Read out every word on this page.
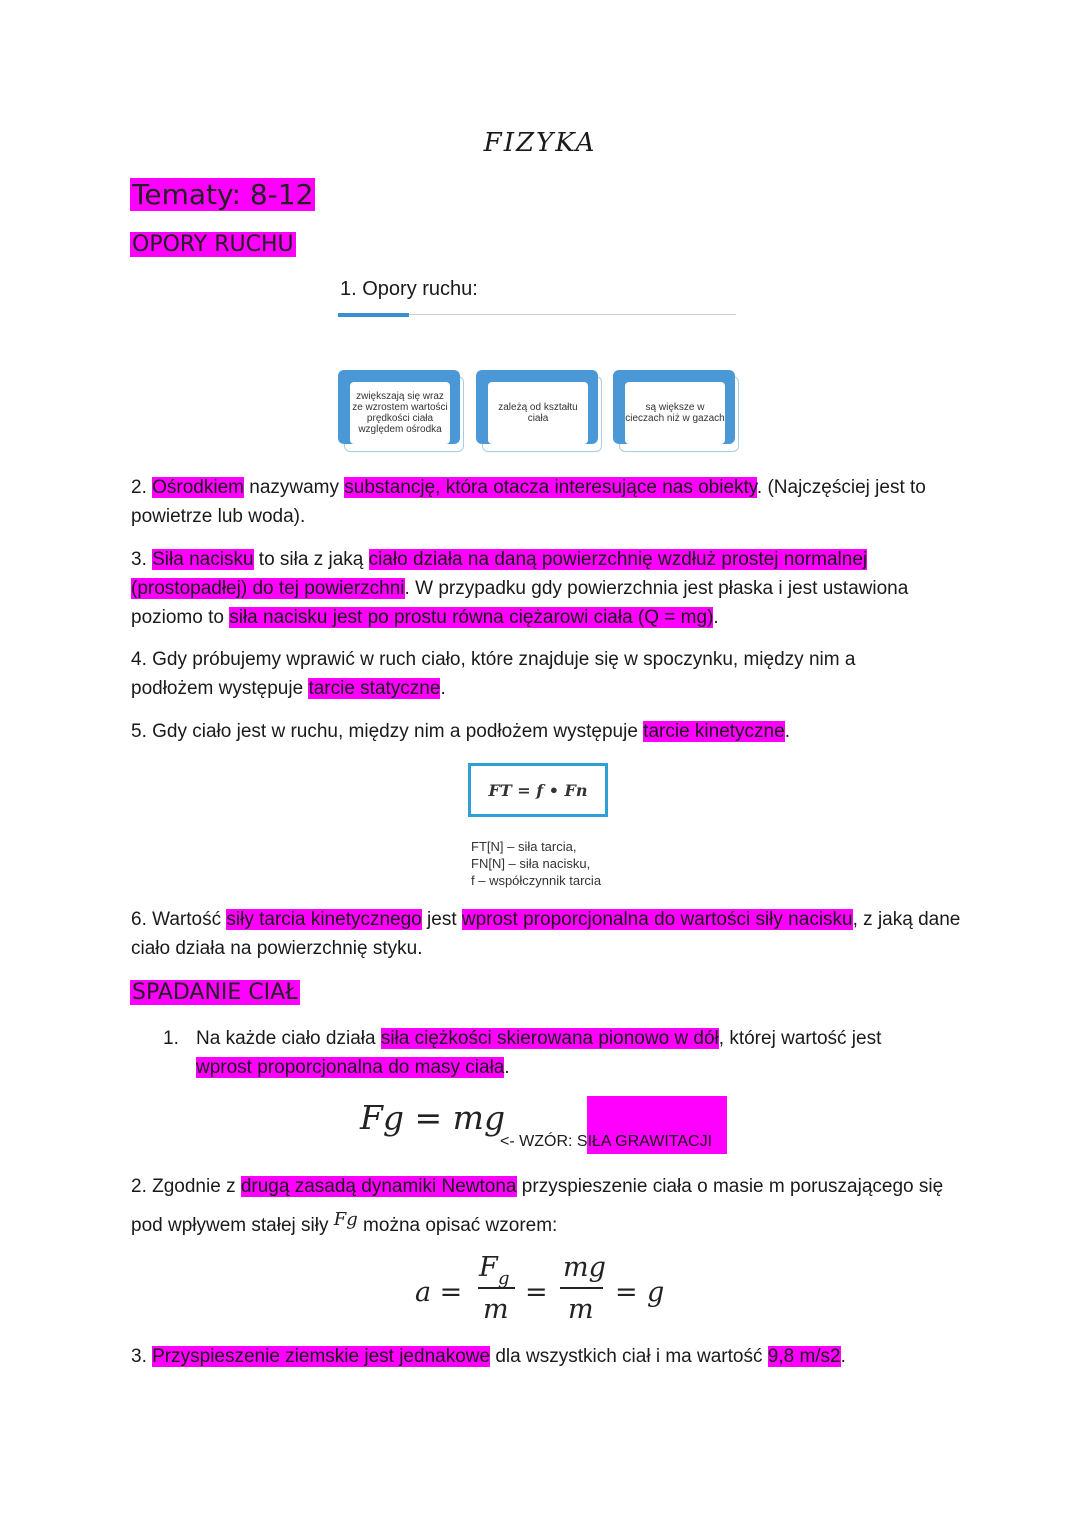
FIZYKA
Tematy: 8-12
OPORY RUCHU
1. Opory ruchu:
zwiększają się wraz ze wzrostem wartości prędkości ciała względem ośrodka
zależą od kształtu ciała
są większe w cieczach niż w gazach
2. Ośrodkiem nazywamy substancję, która otacza interesujące nas obiekty. (Najczęściej jest to powietrze lub woda).
3. Siła nacisku to siła z jaką ciało działa na daną powierzchnię wzdłuż prostej normalnej (prostopadłej) do tej powierzchni. W przypadku gdy powierzchnia jest płaska i jest ustawiona poziomo to siła nacisku jest po prostu równa ciężarowi ciała (Q = mg).
4. Gdy próbujemy wprawić w ruch ciało, które znajduje się w spoczynku, między nim a podłożem występuje tarcie statyczne.
5. Gdy ciało jest w ruchu, między nim a podłożem występuje tarcie kinetyczne.
FT = f • Fn
FT[N] – siła tarcia,
FN[N] – siła nacisku,
f – współczynnik tarcia
6. Wartość siły tarcia kinetycznego jest wprost proporcjonalna do wartości siły nacisku, z jaką dane ciało działa na powierzchnię styku.
SPADANIE CIAŁ
1. Na każde ciało działa siła ciężkości skierowana pionowo w dół, której wartość jest wprost proporcjonalna do masy ciała.
Fg = mg
<- WZÓR: SIŁA GRAWITACJI
2. Zgodnie z drugą zasadą dynamiki Newtona przyspieszenie ciała o masie m poruszającego się pod wpływem stałej siły Fg można opisać wzorem:
a =
F g
m
=
mg
m
= g
3. Przyspieszenie ziemskie jest jednakowe dla wszystkich ciał i ma wartość 9,8 m/s2.
